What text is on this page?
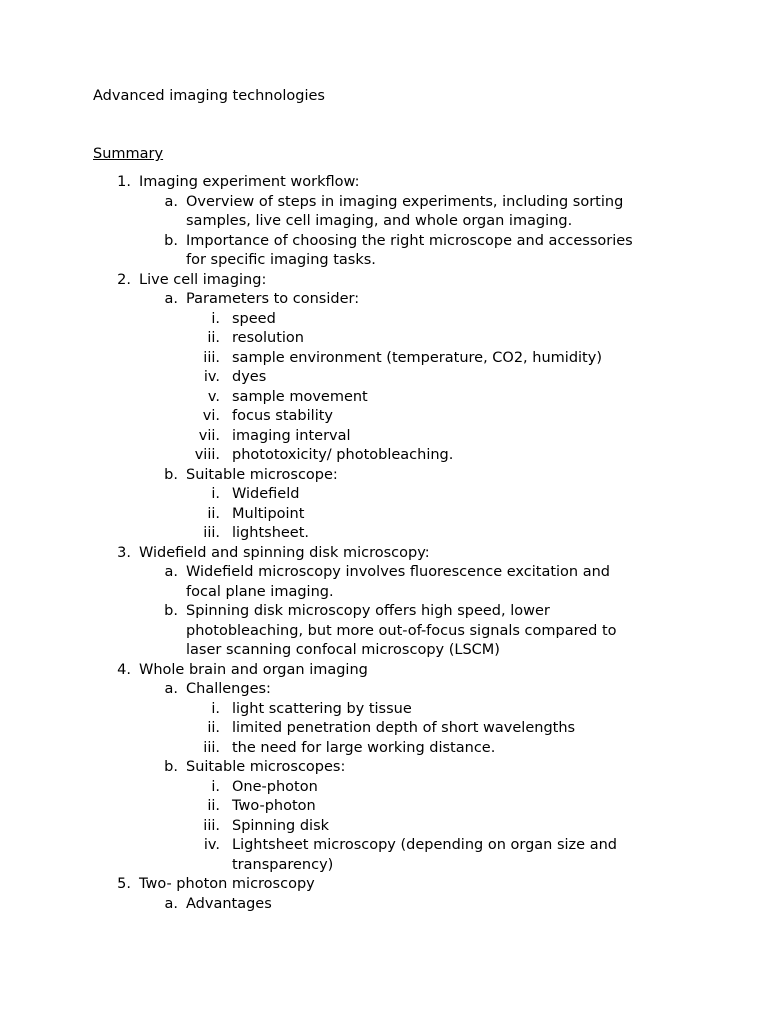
Advanced imaging technologies
Summary
1. Imaging experiment workflow:
a. Overview of steps in imaging experiments, including sorting
samples, live cell imaging, and whole organ imaging.
b. Importance of choosing the right microscope and accessories
for specific imaging tasks.
2. Live cell imaging:
a. Parameters to consider:
i. speed
ii. resolution
iii. sample environment (temperature, CO2, humidity)
iv. dyes
v. sample movement
vi. focus stability
vii. imaging interval
viii. phototoxicity/ photobleaching.
b. Suitable microscope:
i. Widefield
ii. Multipoint
iii. lightsheet.
3. Widefield and spinning disk microscopy:
a. Widefield microscopy involves fluorescence excitation and
focal plane imaging.
b. Spinning disk microscopy offers high speed, lower
photobleaching, but more out-of-focus signals compared to
laser scanning confocal microscopy (LSCM)
4. Whole brain and organ imaging
a. Challenges:
i. light scattering by tissue
ii. limited penetration depth of short wavelengths
iii. the need for large working distance.
b. Suitable microscopes:
i. One-photon
ii. Two-photon
iii. Spinning disk
iv. Lightsheet microscopy (depending on organ size and
transparency)
5. Two- photon microscopy
a. Advantages
